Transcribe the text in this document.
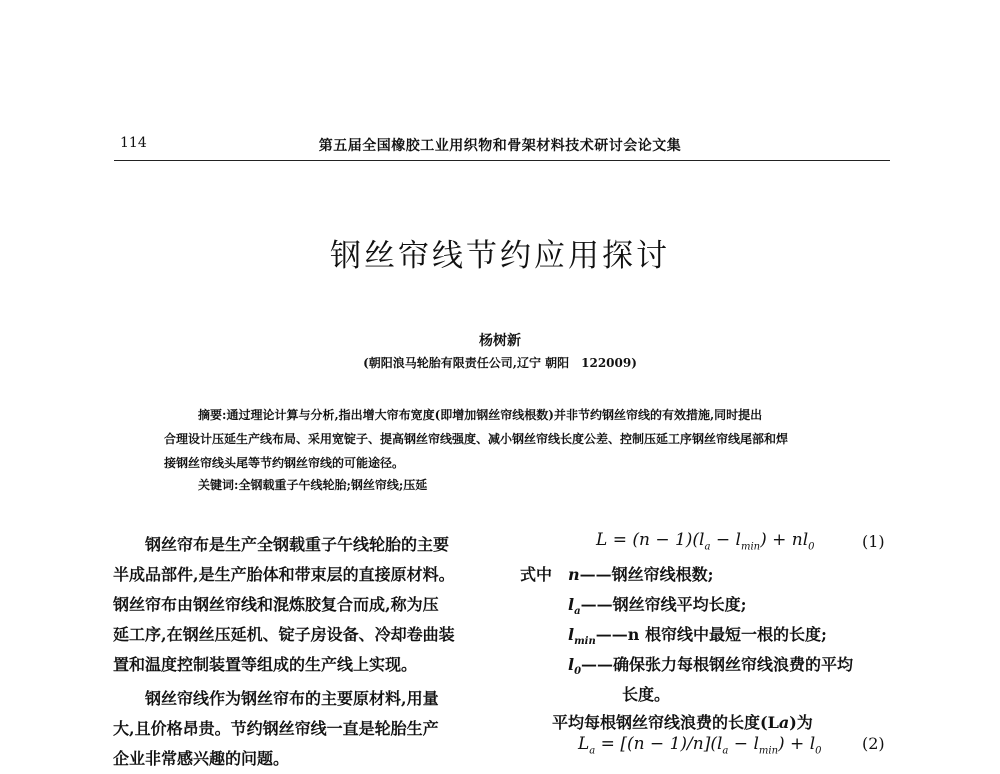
114	第五届全国橡胶工业用织物和骨架材料技术研讨会论文集
钢丝帘线节约应用探讨
杨树新
(朝阳浪马轮胎有限责任公司,辽宁 朝阳　122009)
摘要:通过理论计算与分析,指出增大帘布宽度(即增加钢丝帘线根数)并非节约钢丝帘线的有效措施,同时提出
合理设计压延生产线布局、采用宽锭子、提高钢丝帘线强度、减小钢丝帘线长度公差、控制压延工序钢丝帘线尾部和焊
接钢丝帘线头尾等节约钢丝帘线的可能途径。
关键词:全钢载重子午线轮胎;钢丝帘线;压延

钢丝帘布是生产全钢载重子午线轮胎的主要
半成品部件,是生产胎体和带束层的直接原材料。
钢丝帘布由钢丝帘线和混炼胶复合而成,称为压
延工序,在钢丝压延机、锭子房设备、冷却卷曲装
置和温度控制装置等组成的生产线上实现。

钢丝帘线作为钢丝帘布的主要原材料,用量
大,且价格昂贵。节约钢丝帘线一直是轮胎生产
企业非常感兴趣的问题。

$L = (n - 1)(l_a - l_{min}) + nl_0$	(1)
式中 n——钢丝帘线根数;
$l_a——$钢丝帘线平均长度;
$l_{min}——n$ 根帘线中最短一根的长度;
$l_0——$确保张力每根钢丝帘线浪费的平均
长度。
平均每根钢丝帘线浪费的长度(La)为
$L_a = [(n - 1)/n](l_a - l_{min}) + l_0$	(2)
